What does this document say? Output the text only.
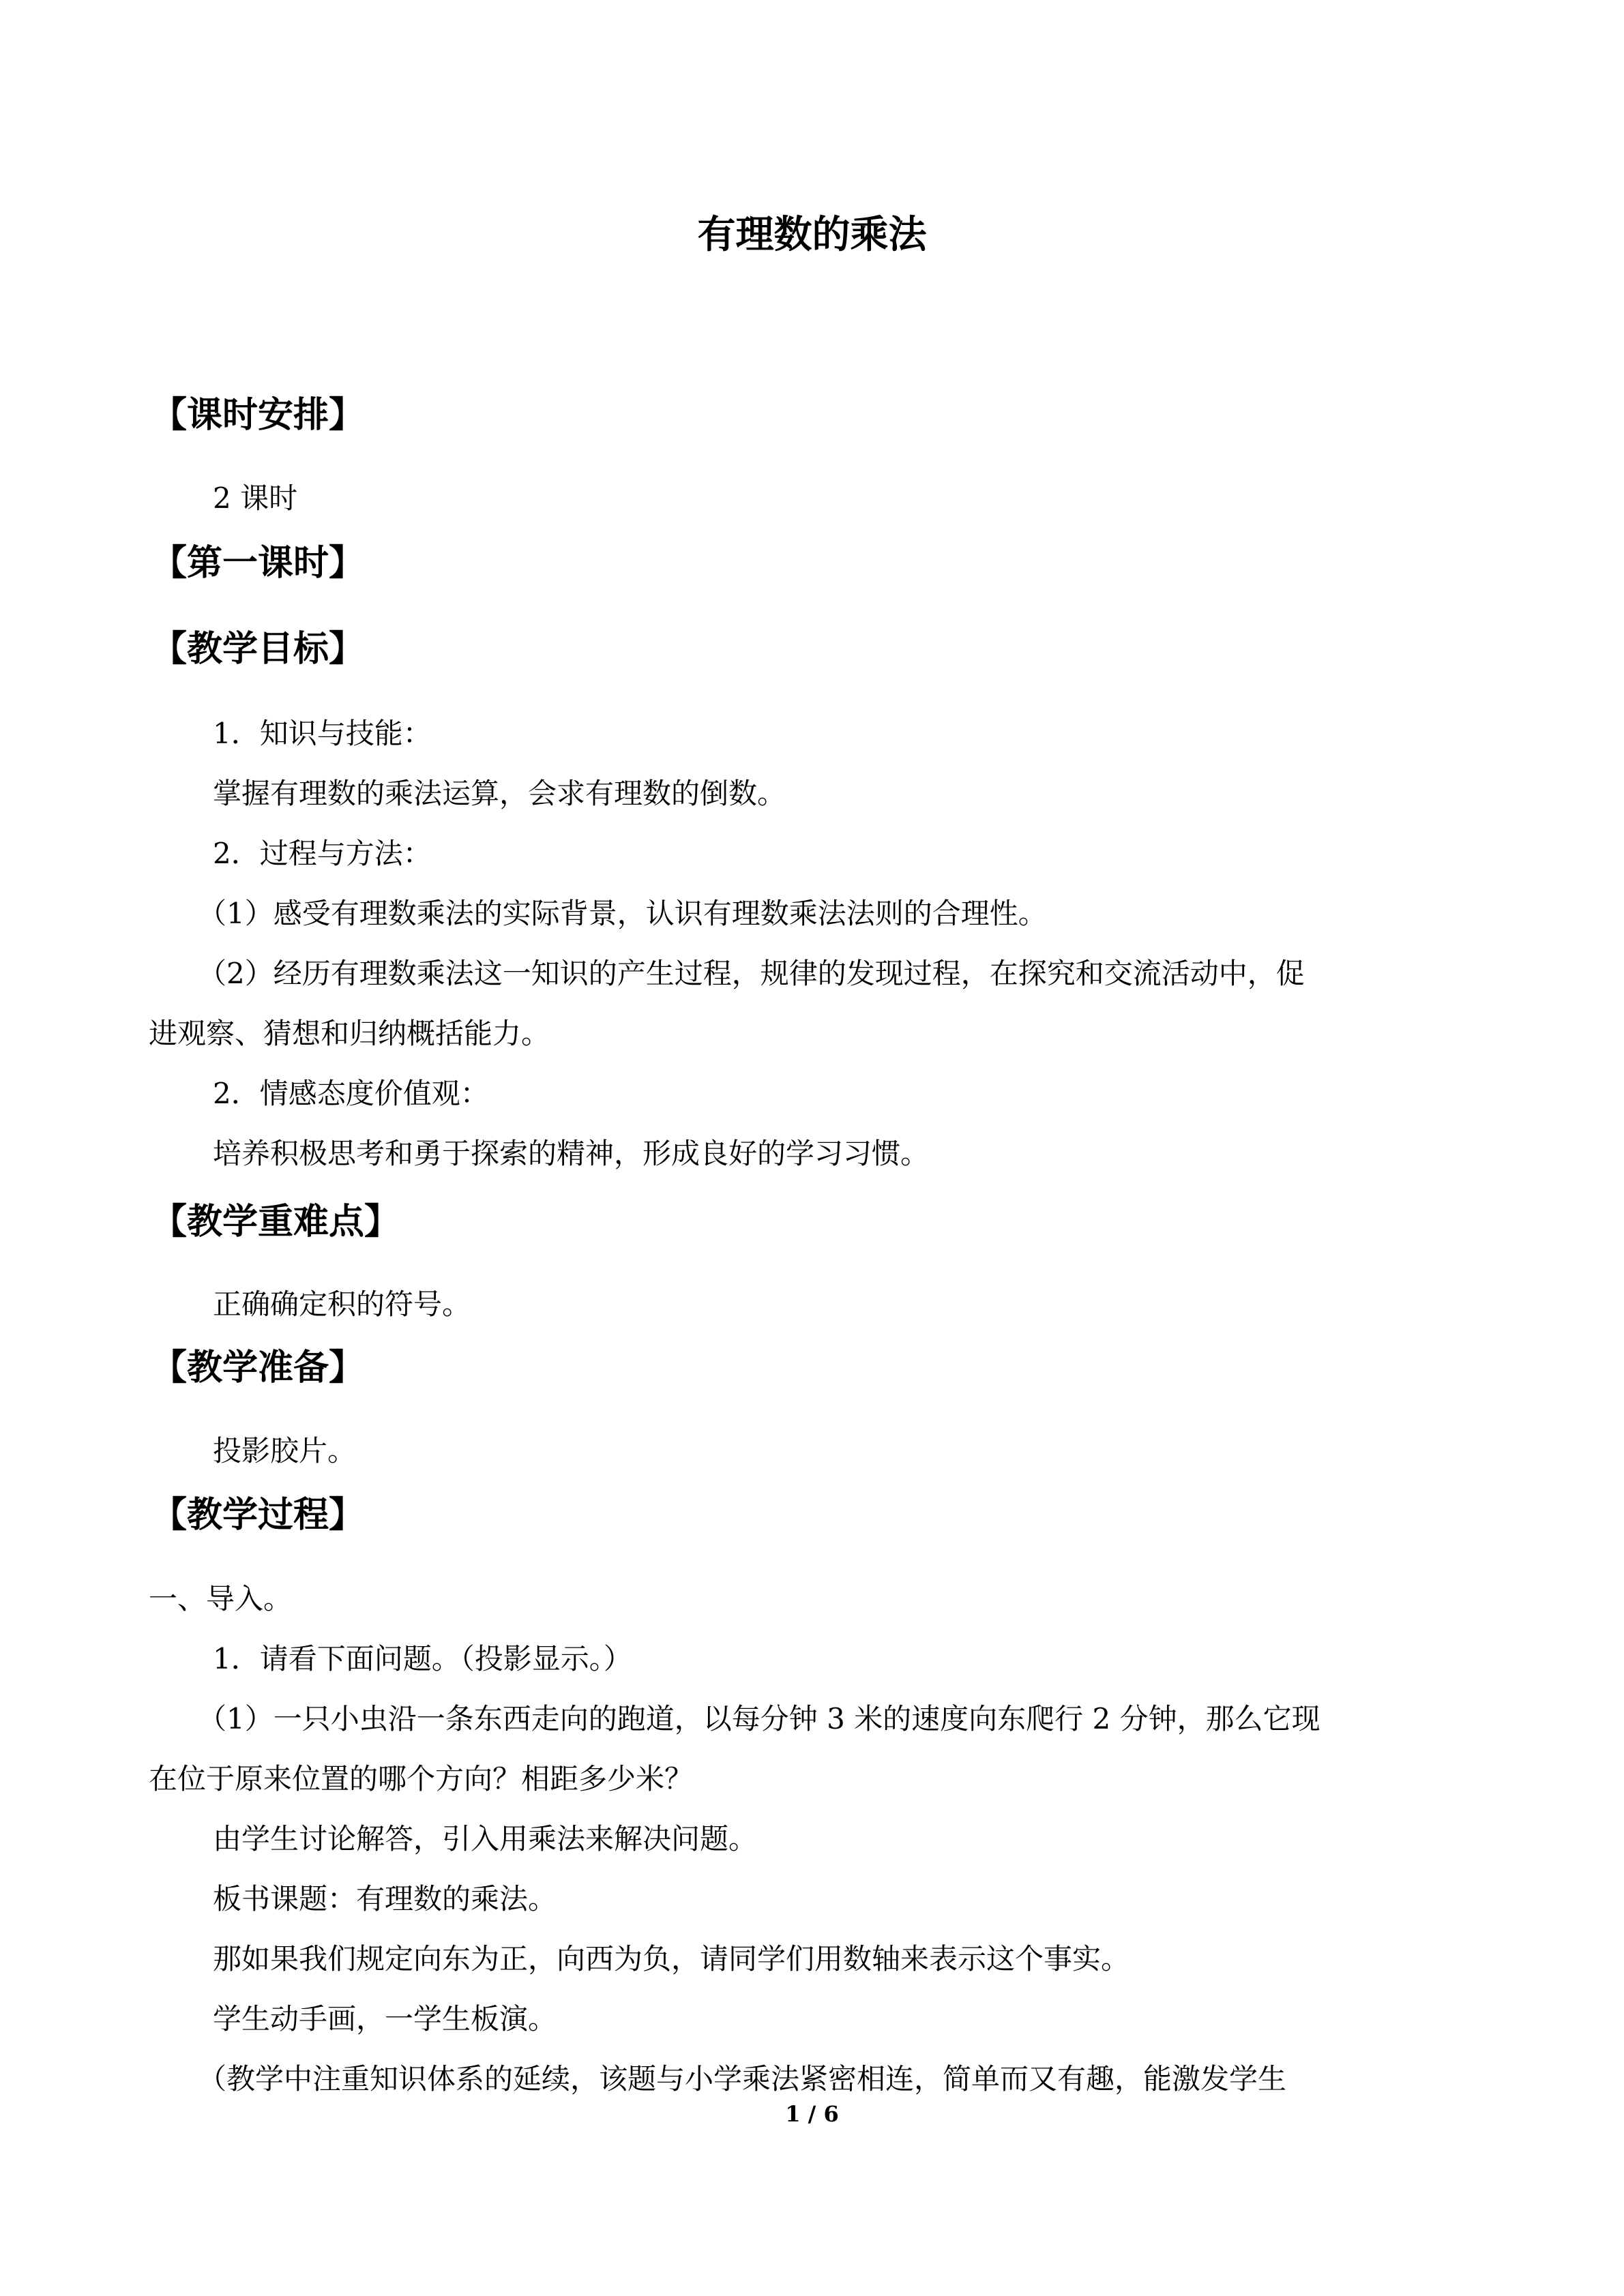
有理数的乘法
【课时安排】
2 课时
【第一课时】
【教学目标】
1．知识与技能：
掌握有理数的乘法运算，会求有理数的倒数。
2．过程与方法：
（1）感受有理数乘法的实际背景，认识有理数乘法法则的合理性。
（2）经历有理数乘法这一知识的产生过程，规律的发现过程，在探究和交流活动中，促
进观察、猜想和归纳概括能力。
2．情感态度价值观：
培养积极思考和勇于探索的精神，形成良好的学习习惯。
【教学重难点】
正确确定积的符号。
【教学准备】
投影胶片。
【教学过程】
一、导入。
1．请看下面问题。（投影显示。）
（1）一只小虫沿一条东西走向的跑道，以每分钟 3 米的速度向东爬行 2 分钟，那么它现
在位于原来位置的哪个方向？相距多少米？
由学生讨论解答，引入用乘法来解决问题。
板书课题：有理数的乘法。
那如果我们规定向东为正，向西为负，请同学们用数轴来表示这个事实。
学生动手画，一学生板演。
（教学中注重知识体系的延续，该题与小学乘法紧密相连，简单而又有趣，能激发学生
1 / 6
